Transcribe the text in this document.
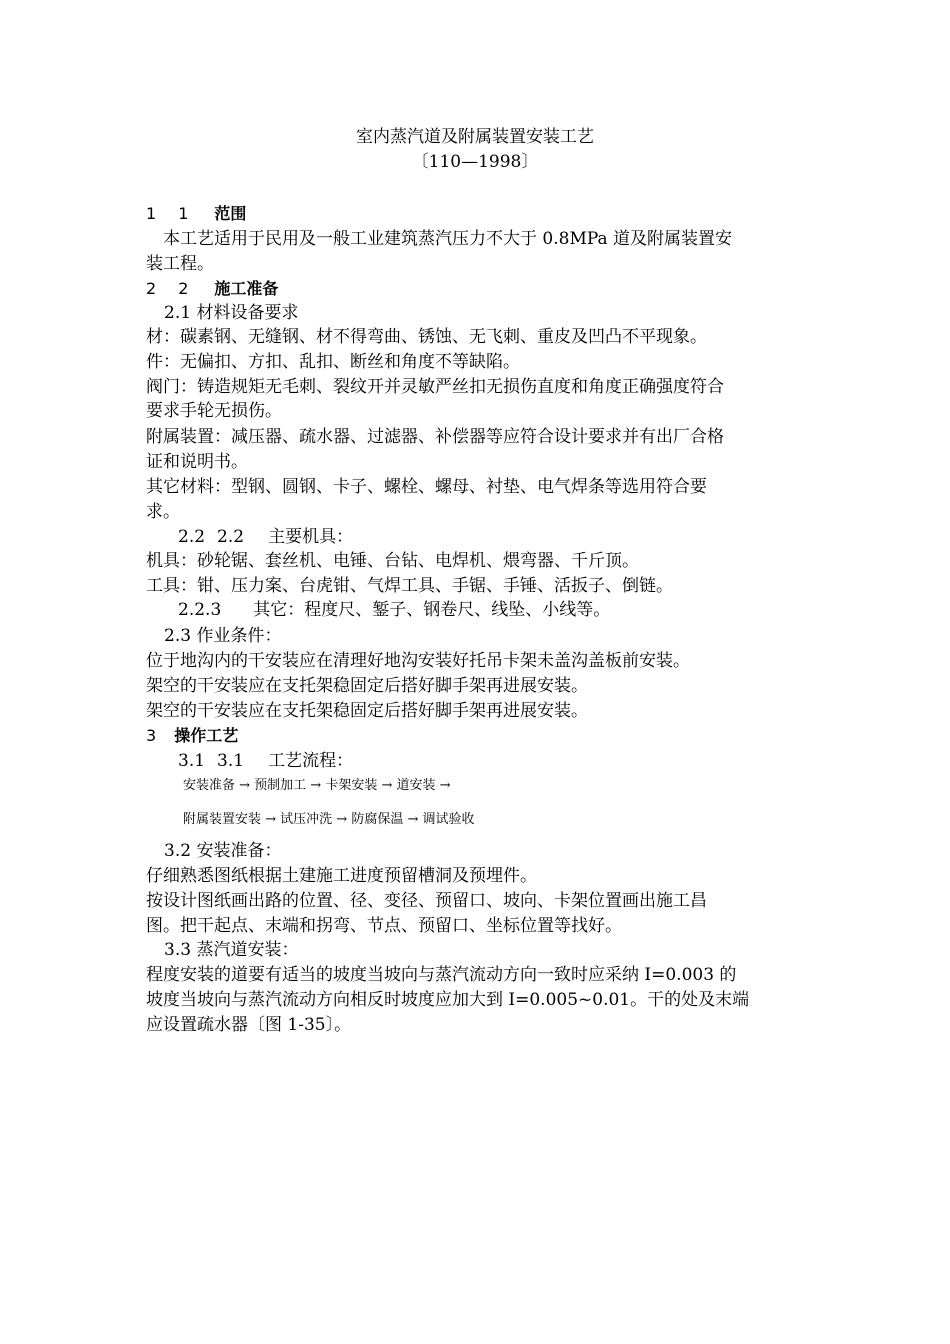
室内蒸汽道及附属装置安装工艺
〔110—1998〕
1 1 范围
本工艺适用于民用及一般工业建筑蒸汽压力不大于 0.8MPa 道及附属装置安
装工程。
2 2 施工准备
2.1 材料设备要求
材：碳素钢、无缝钢、材不得弯曲、锈蚀、无飞刺、重皮及凹凸不平现象。
件：无偏扣、方扣、乱扣、断丝和角度不等缺陷。
阀门：铸造规矩无毛刺、裂纹开并灵敏严丝扣无损伤直度和角度正确强度符合
要求手轮无损伤。
附属装置：减压器、疏水器、过滤器、补偿器等应符合设计要求并有出厂合格
证和说明书。
其它材料：型钢、圆钢、卡子、螺栓、螺母、衬垫、电气焊条等选用符合要
求。
2.2 2.2 主要机具：
机具：砂轮锯、套丝机、电锤、台钻、电焊机、煨弯器、千斤顶。
工具：钳、压力案、台虎钳、气焊工具、手锯、手锤、活扳子、倒链。
2.2.3 其它：程度尺、錾子、钢卷尺、线坠、小线等。
2.3 作业条件：
位于地沟内的干安装应在清理好地沟安装好托吊卡架未盖沟盖板前安装。
架空的干安装应在支托架稳固定后搭好脚手架再进展安装。
架空的干安装应在支托架稳固定后搭好脚手架再进展安装。
3 操作工艺
3.1 3.1 工艺流程：
安装准备 → 预制加工 → 卡架安装 → 道安装 →
附属装置安装 → 试压冲洗 → 防腐保温 → 调试验收
3.2 安装准备：
仔细熟悉图纸根据土建施工进度预留槽洞及预埋件。
按设计图纸画出路的位置、径、变径、预留口、坡向、卡架位置画出施工昌
图。把干起点、末端和拐弯、节点、预留口、坐标位置等找好。
3.3 蒸汽道安装：
程度安装的道要有适当的坡度当坡向与蒸汽流动方向一致时应采纳 I=0.003 的
坡度当坡向与蒸汽流动方向相反时坡度应加大到 I=0.005~0.01。干的处及末端
应设置疏水器〔图 1-35〕。
